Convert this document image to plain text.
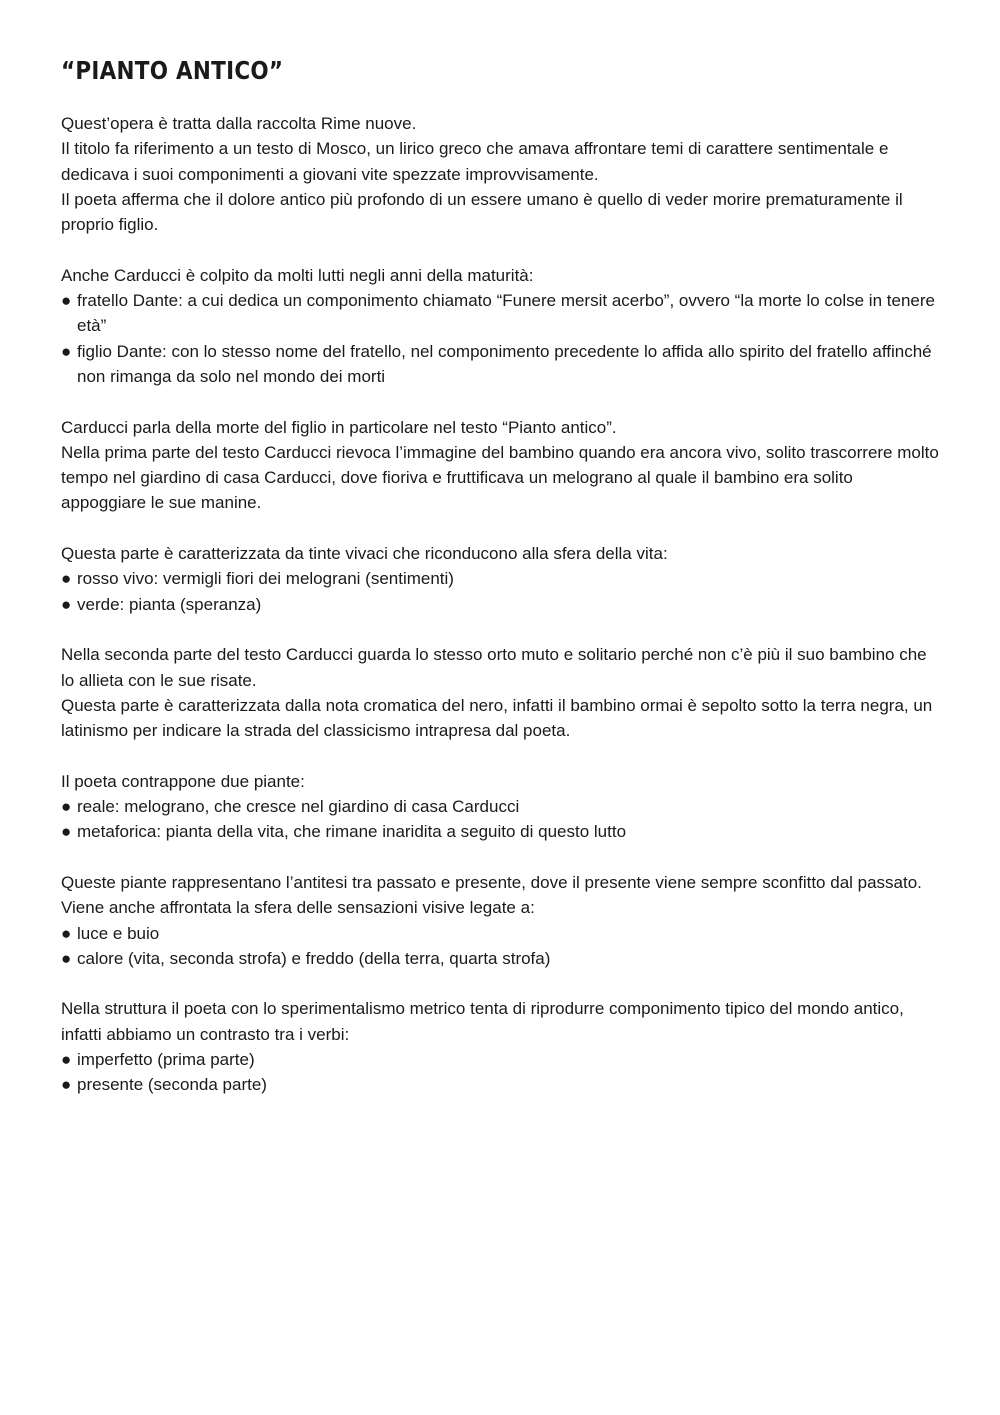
“PIANTO ANTICO”

Quest’opera è tratta dalla raccolta Rime nuove.

Il titolo fa riferimento a un testo di Mosco, un lirico greco che amava affrontare temi di carattere sentimentale e dedicava i suoi componimenti a giovani vite spezzate improvvisamente.

Il poeta afferma che il dolore antico più profondo di un essere umano è quello di veder morire prematuramente il proprio figlio.

Anche Carducci è colpito da molti lutti negli anni della maturità:

● fratello Dante: a cui dedica un componimento chiamato “Funere mersit acerbo”, ovvero “la morte lo colse in tenere età”
● figlio Dante: con lo stesso nome del fratello, nel componimento precedente lo affida allo spirito del fratello affinché non rimanga da solo nel mondo dei morti

Carducci parla della morte del figlio in particolare nel testo “Pianto antico”.

Nella prima parte del testo Carducci rievoca l’immagine del bambino quando era ancora vivo, solito trascorrere molto tempo nel giardino di casa Carducci, dove fioriva e fruttificava un melograno al quale il bambino era solito appoggiare le sue manine.

Questa parte è caratterizzata da tinte vivaci che riconducono alla sfera della vita:

● rosso vivo: vermigli fiori dei melograni (sentimenti)
● verde: pianta (speranza)

Nella seconda parte del testo Carducci guarda lo stesso orto muto e solitario perché non c’è più il suo bambino che lo allieta con le sue risate.

Questa parte è caratterizzata dalla nota cromatica del nero, infatti il bambino ormai è sepolto sotto la terra negra, un latinismo per indicare la strada del classicismo intrapresa dal poeta.

Il poeta contrappone due piante:

● reale: melograno, che cresce nel giardino di casa Carducci
● metaforica: pianta della vita, che rimane inaridita a seguito di questo lutto

Queste piante rappresentano l’antitesi tra passato e presente, dove il presente viene sempre sconfitto dal passato.

Viene anche affrontata la sfera delle sensazioni visive legate a:

● luce e buio
● calore (vita, seconda strofa) e freddo (della terra, quarta strofa)

Nella struttura il poeta con lo sperimentalismo metrico tenta di riprodurre componimento tipico del mondo antico, infatti abbiamo un contrasto tra i verbi:

● imperfetto (prima parte)
● presente (seconda parte)
